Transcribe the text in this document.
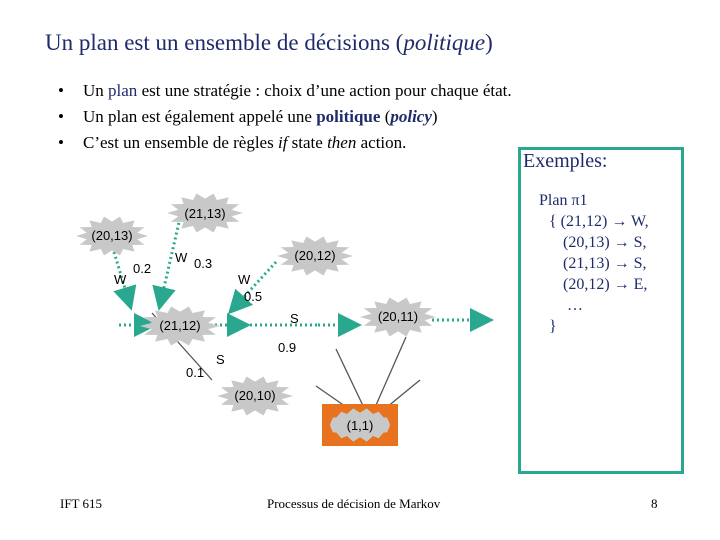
Un plan est un ensemble de décisions (politique)
• Un plan est une stratégie : choix d’une action pour chaque état.
• Un plan est également appelé une politique (policy)
• C’est un ensemble de règles if state then action.
Exemples:
Plan π1
{ (21,12) → W,
(20,13) → S,
(21,13) → S,
(20,12) → E,
…
}
(21,13)
(20,13)
(20,12)
(21,12)
(20,11)
(20,10)
(1,1)
W
0.2
W 0.3
W
0.5
S
0.9
0.1
S
IFT 615	Processus de décision de Markov	8
